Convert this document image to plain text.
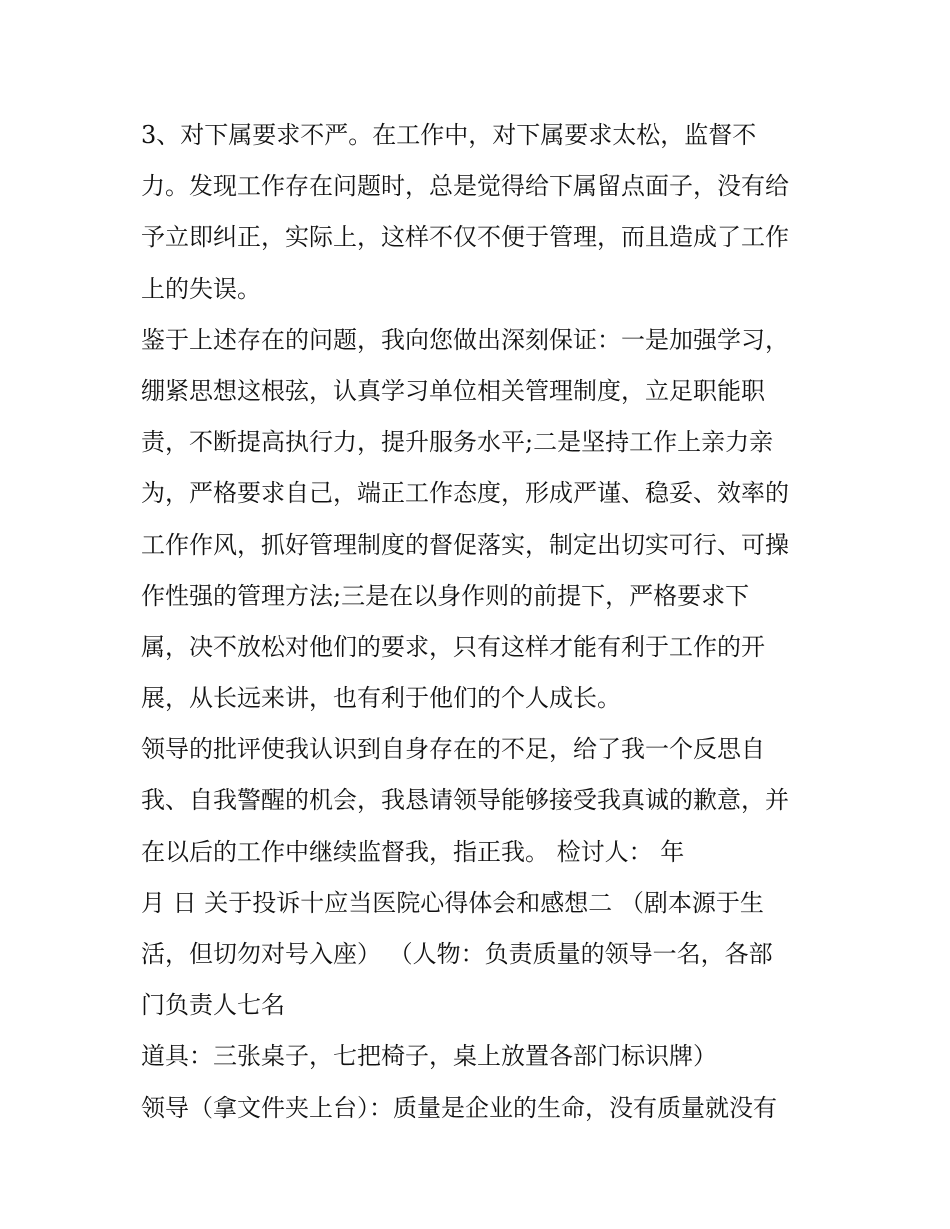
3、对下属要求不严。在工作中，对下属要求太松，监督不
力。发现工作存在问题时，总是觉得给下属留点面子，没有给
予立即纠正，实际上，这样不仅不便于管理，而且造成了工作
上的失误。
鉴于上述存在的问题，我向您做出深刻保证：一是加强学习，
绷紧思想这根弦，认真学习单位相关管理制度，立足职能职
责，不断提高执行力，提升服务水平;二是坚持工作上亲力亲
为，严格要求自己，端正工作态度，形成严谨、稳妥、效率的
工作作风，抓好管理制度的督促落实，制定出切实可行、可操
作性强的管理方法;三是在以身作则的前提下，严格要求下
属，决不放松对他们的要求，只有这样才能有利于工作的开
展，从长远来讲，也有利于他们的个人成长。
领导的批评使我认识到自身存在的不足，给了我一个反思自
我、自我警醒的机会，我恳请领导能够接受我真诚的歉意，并
在以后的工作中继续监督我，指正我。 检讨人： 年
月 日 关于投诉十应当医院心得体会和感想二 （剧本源于生
活，但切勿对号入座） （人物：负责质量的领导一名，各部
门负责人七名
道具：三张桌子，七把椅子，桌上放置各部门标识牌）
领导（拿文件夹上台）：质量是企业的生命，没有质量就没有
